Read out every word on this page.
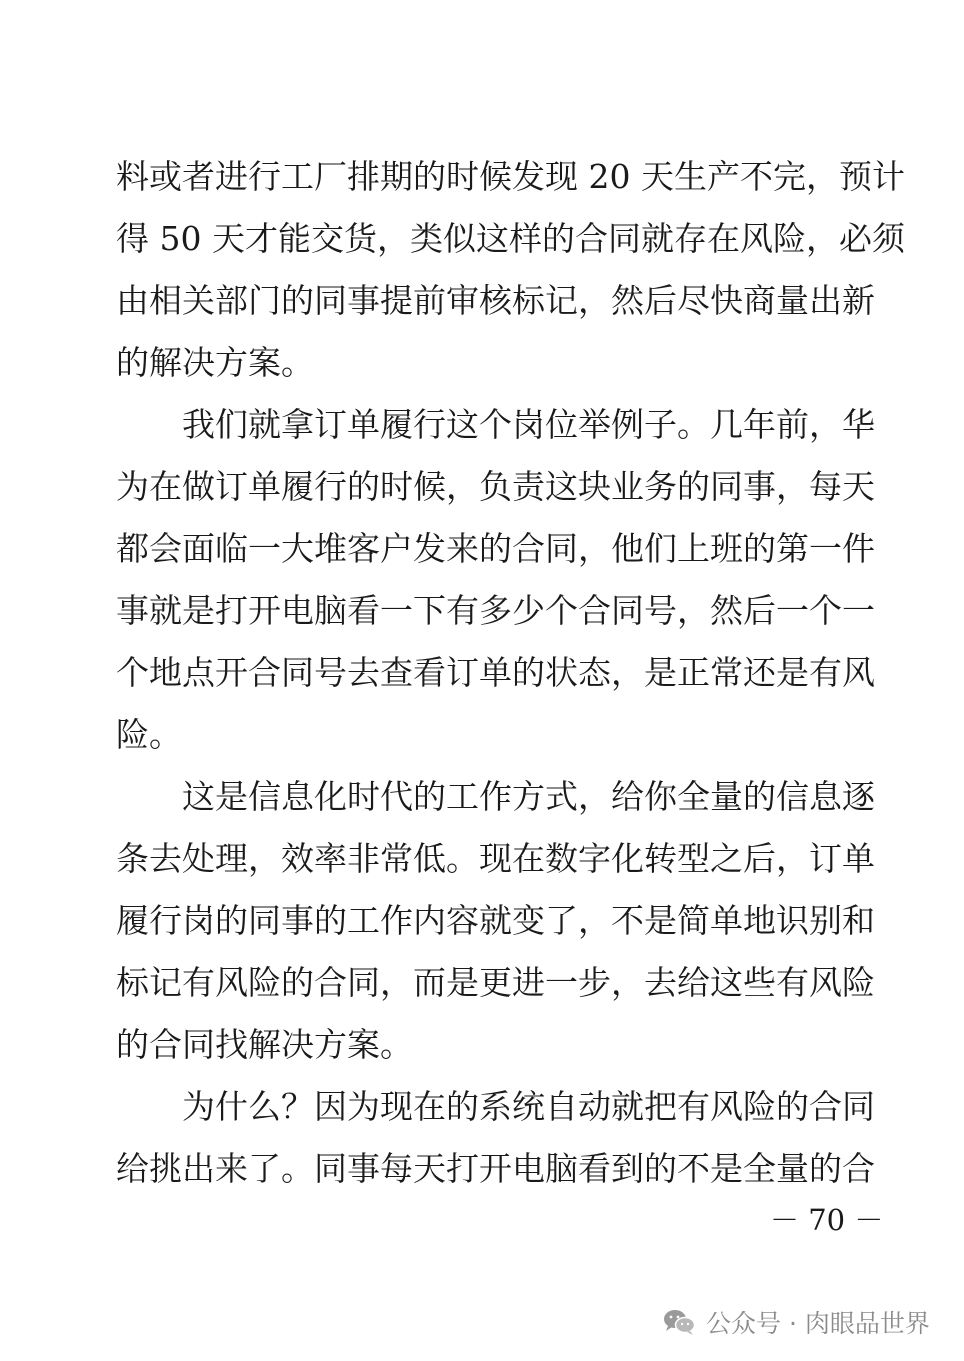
料或者进行工厂排期的时候发现 20 天生产不完，预计
得 50 天才能交货，类似这样的合同就存在风险，必须
由相关部门的同事提前审核标记，然后尽快商量出新
的解决方案。
我们就拿订单履行这个岗位举例子。几年前，华
为在做订单履行的时候，负责这块业务的同事，每天
都会面临一大堆客户发来的合同，他们上班的第一件
事就是打开电脑看一下有多少个合同号，然后一个一
个地点开合同号去查看订单的状态，是正常还是有风
险。
这是信息化时代的工作方式，给你全量的信息逐
条去处理，效率非常低。现在数字化转型之后，订单
履行岗的同事的工作内容就变了，不是简单地识别和
标记有风险的合同，而是更进一步，去给这些有风险
的合同找解决方案。
为什么？因为现在的系统自动就把有风险的合同
给挑出来了。同事每天打开电脑看到的不是全量的合
－ 70 －
公众号 · 肉眼品世界
